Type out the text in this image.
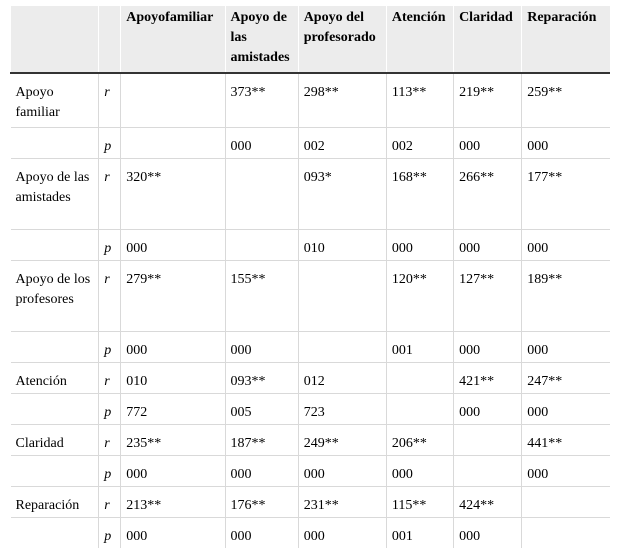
		Apoyofamiliar	Apoyo de las amistades	Apoyo del profesorado	Atención	Claridad	Reparación
Apoyo familiar	r		373**	298**	113**	219**	259**
	p		000	002	002	000	000
Apoyo de las amistades	r	320**		093*	168**	266**	177**
	p	000		010	000	000	000
Apoyo de los profesores	r	279**	155**		120**	127**	189**
	p	000	000		001	000	000
Atención	r	010	093**	012		421**	247**
	p	772	005	723		000	000
Claridad	r	235**	187**	249**	206**		441**
	p	000	000	000	000		000
Reparación	r	213**	176**	231**	115**	424**	
	p	000	000	000	001	000	
